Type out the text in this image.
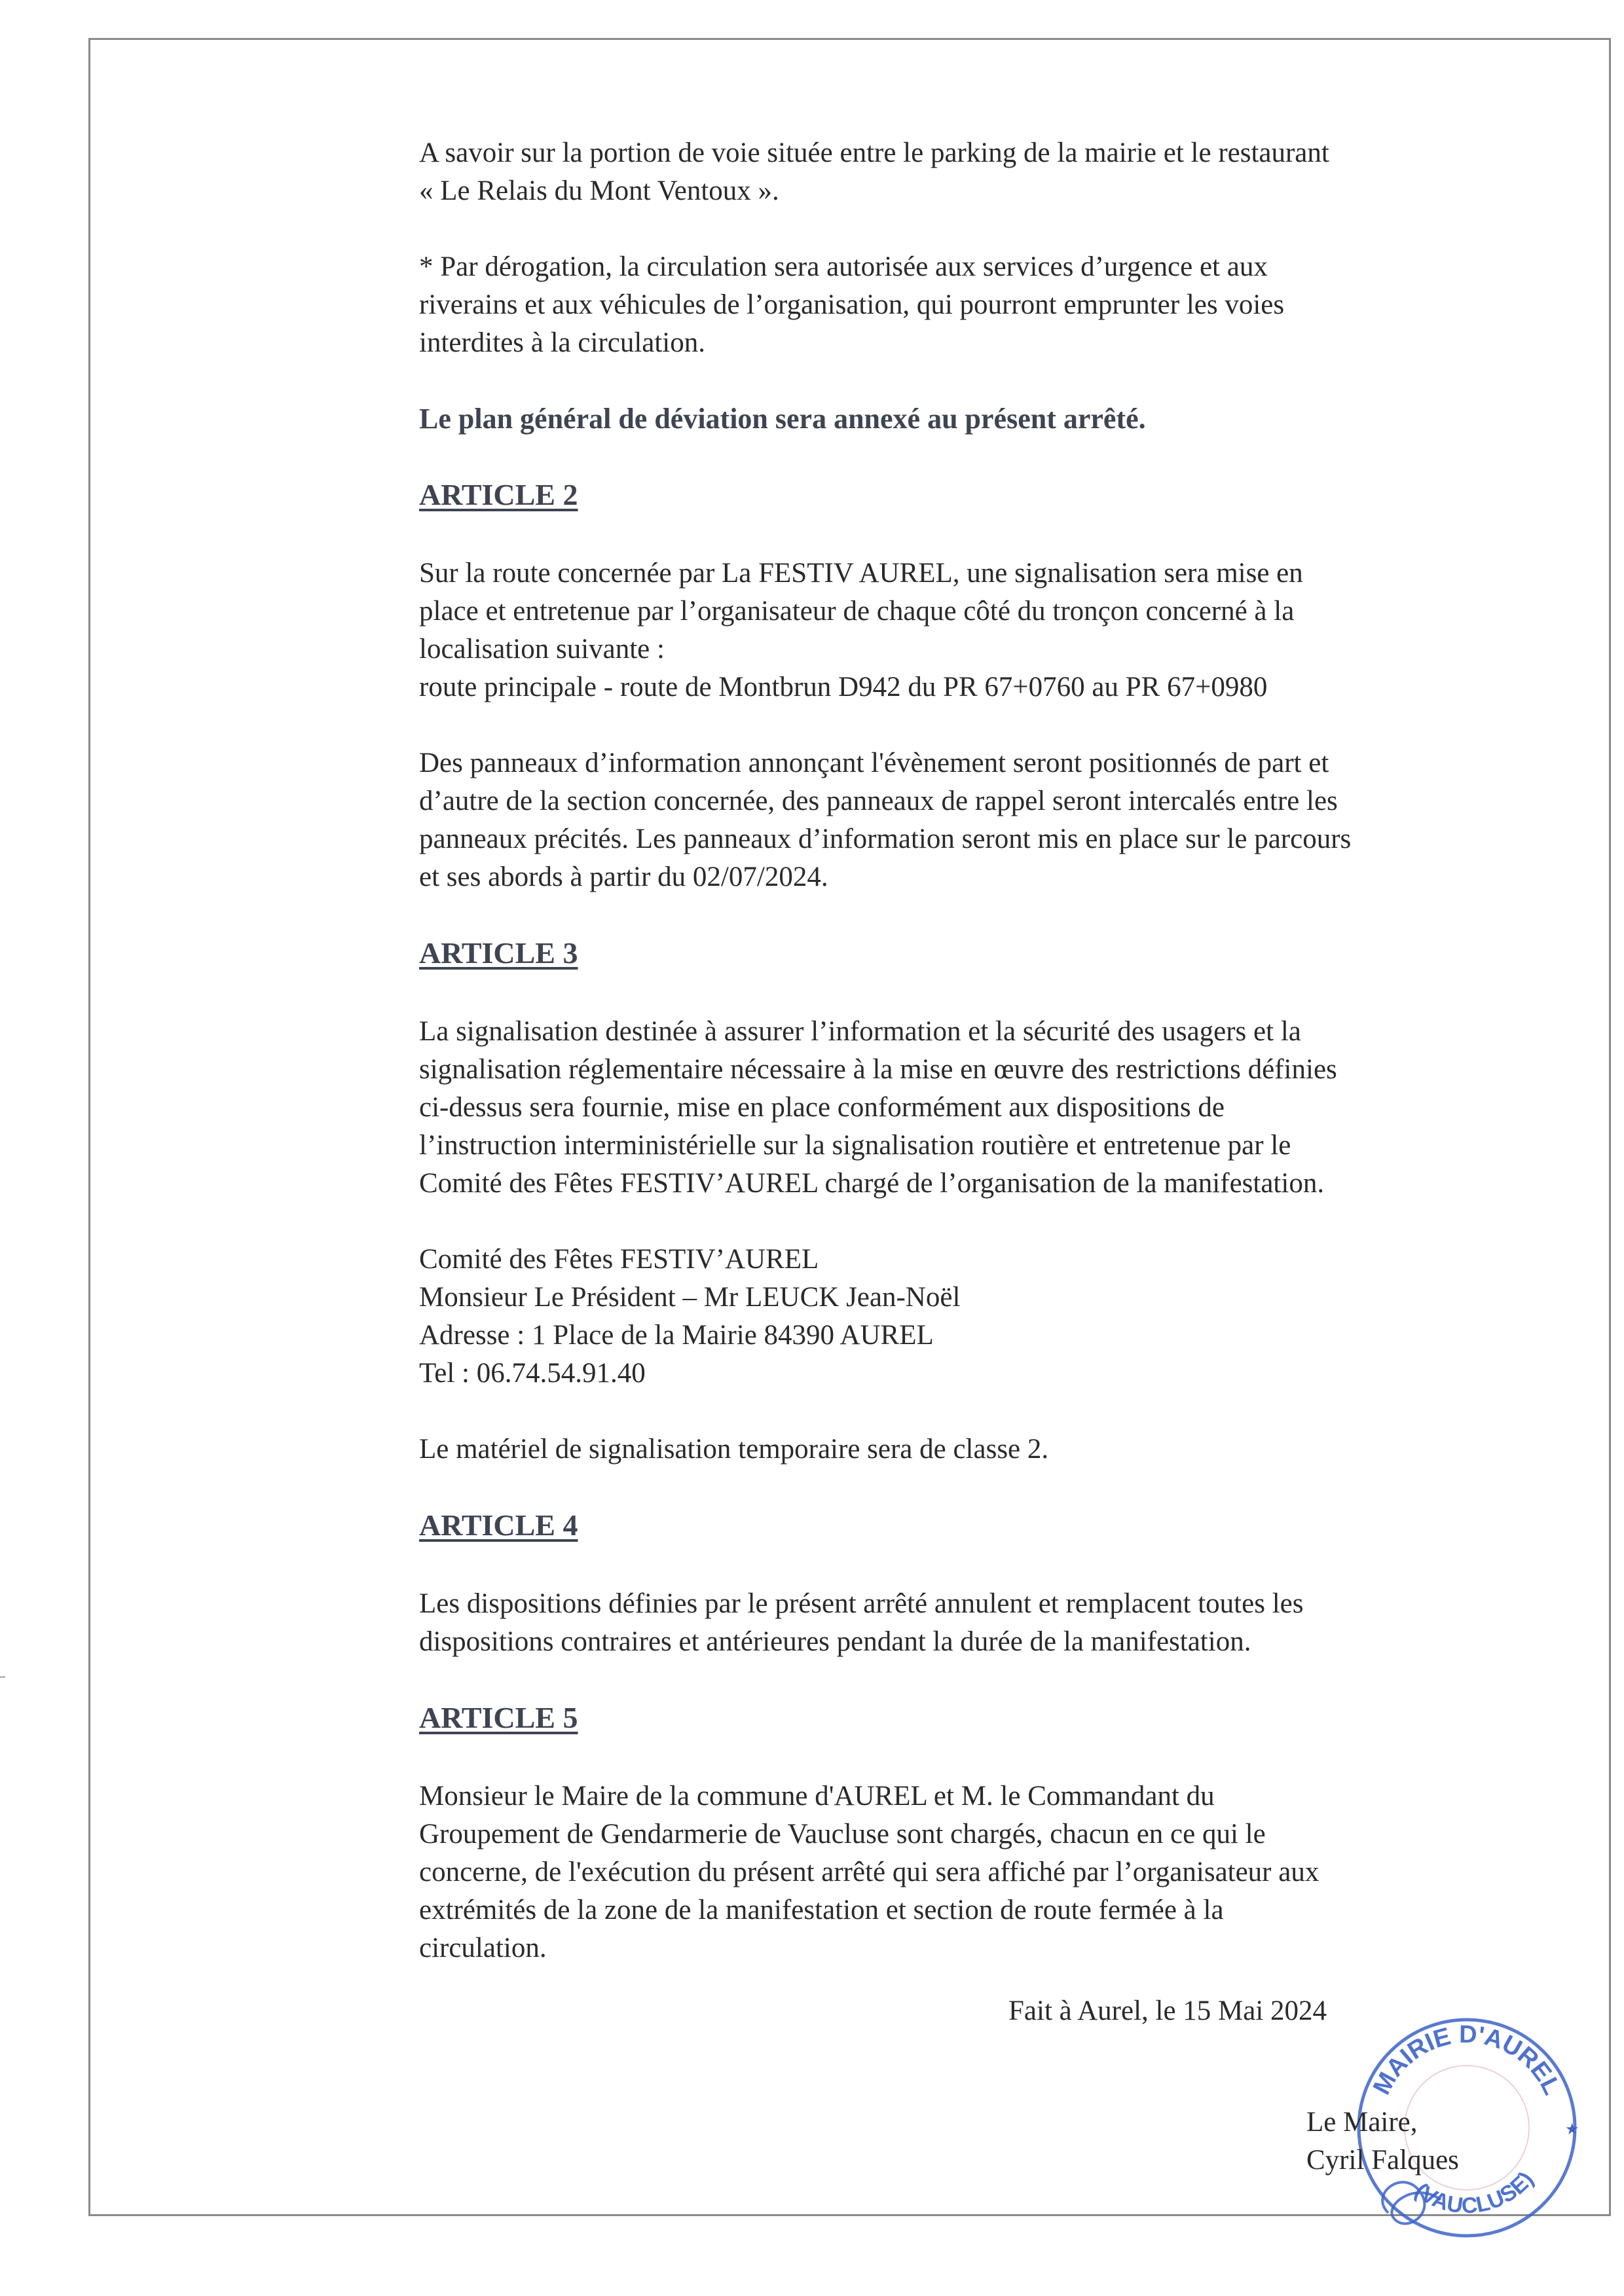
A savoir sur la portion de voie située entre le parking de la mairie et le restaurant
« Le Relais du Mont Ventoux ».

* Par dérogation, la circulation sera autorisée aux services d’urgence et aux
riverains et aux véhicules de l’organisation, qui pourront emprunter les voies
interdites à la circulation.

Le plan général de déviation sera annexé au présent arrêté.

ARTICLE 2

Sur la route concernée par La FESTIV AUREL, une signalisation sera mise en
place et entretenue par l’organisateur de chaque côté du tronçon concerné à la
localisation suivante :
route principale - route de Montbrun D942 du PR 67+0760 au PR 67+0980

Des panneaux d’information annonçant l'évènement seront positionnés de part et
d’autre de la section concernée, des panneaux de rappel seront intercalés entre les
panneaux précités. Les panneaux d’information seront mis en place sur le parcours
et ses abords à partir du 02/07/2024.

ARTICLE 3

La signalisation destinée à assurer l’information et la sécurité des usagers et la
signalisation réglementaire nécessaire à la mise en œuvre des restrictions définies
ci-dessus sera fournie, mise en place conformément aux dispositions de
l’instruction interministérielle sur la signalisation routière et entretenue par le
Comité des Fêtes FESTIV’AUREL chargé de l’organisation de la manifestation.

Comité des Fêtes FESTIV’AUREL
Monsieur Le Président – Mr LEUCK Jean-Noël
Adresse : 1 Place de la Mairie 84390 AUREL
Tel : 06.74.54.91.40

Le matériel de signalisation temporaire sera de classe 2.

ARTICLE 4

Les dispositions définies par le présent arrêté annulent et remplacent toutes les
dispositions contraires et antérieures pendant la durée de la manifestation.

ARTICLE 5

Monsieur le Maire de la commune d'AUREL et M. le Commandant du
Groupement de Gendarmerie de Vaucluse sont chargés, chacun en ce qui le
concerne, de l'exécution du présent arrêté qui sera affiché par l’organisateur aux
extrémités de la zone de la manifestation et section de route fermée à la
circulation.

Fait à Aurel, le 15 Mai 2024

MAIRIE D'AUREL
(VAUCLUSE)
★

Le Maire,
Cyril Falques
